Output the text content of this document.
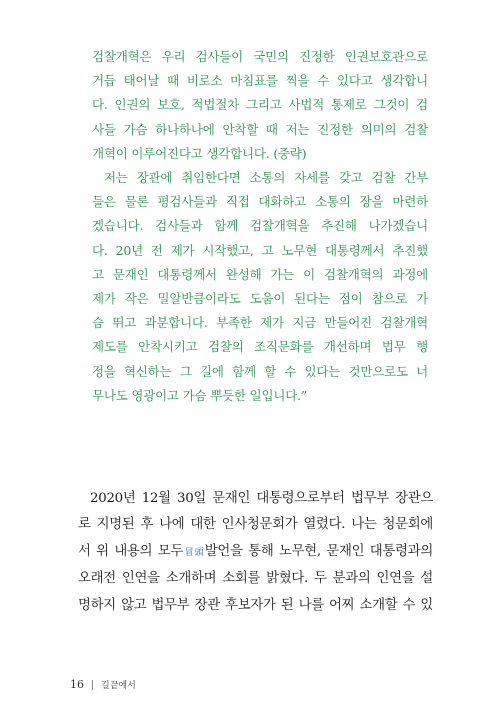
검찰개혁은 우리 검사들이 국민의 진정한 인권보호관으로
거듭 태어날 때 비로소 마침표를 찍을 수 있다고 생각합니
다. 인권의 보호, 적법절차 그리고 사법적 통제로 그것이 검
사들 가슴 하나하나에 안착할 때 저는 진정한 의미의 검찰
개혁이 이루어진다고 생각합니다. (중략)
저는 장관에 취임한다면 소통의 자세를 갖고 검찰 간부
들은 물론 평검사들과 직접 대화하고 소통의 장을 마련하
겠습니다. 검사들과 함께 검찰개혁을 추진해 나가겠습니
다. 20년 전 제가 시작했고, 고 노무현 대통령께서 추진했
고 문재인 대통령께서 완성해 가는 이 검찰개혁의 과정에
제가 작은 밀알반큼이라도 도움이 된다는 점이 참으로 가
슴 뛰고 과분합니다. 부족한 제가 지금 만들어진 검찰개혁
제도를 안착시키고 검찰의 조직문화를 개선하며 법무 행
정을 혁신하는 그 길에 함께 할 수 있다는 것만으로도 너
무나도 영광이고 가슴 뿌듯한 일입니다.”
2020년 12월 30일 문재인 대통령으로부터 법무부 장관으
로 지명된 후 나에 대한 인사청문회가 열렸다. 나는 청문회에
서 위 내용의 모두冒頭발언을 통해 노무현, 문재인 대통령과의
오래전 인연을 소개하며 소회를 밝혔다. 두 분과의 인연을 설
명하지 않고 법무부 장관 후보자가 된 나를 어찌 소개할 수 있
16 길끝에서
